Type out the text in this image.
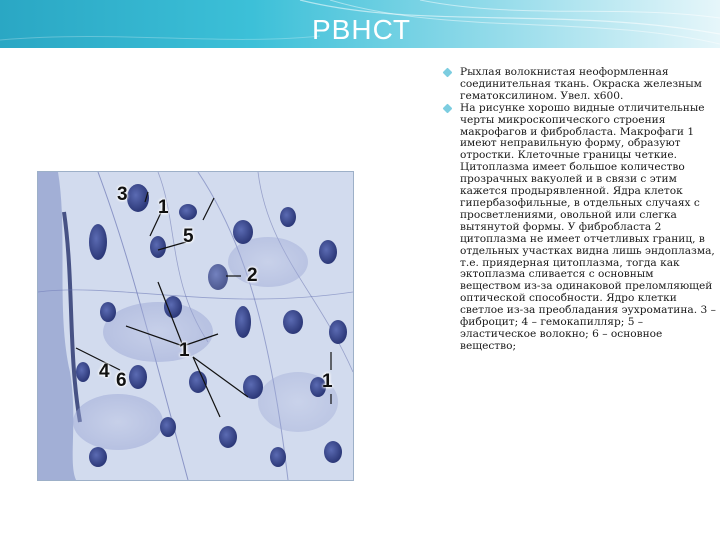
РВНСТ
3
1
5
2
1
4 6	1
Рыхлая волокнистая неоформленная соединительная ткань. Окраска железным гематоксилином. Увел. х600.
На рисунке хорошо видные отличительные черты микроскопического строения макрофагов и фибробласта. Макрофаги 1 имеют неправильную форму, образуют отростки. Клеточные границы четкие. Цитоплазма имеет большое количество прозрачных вакуолей и в связи с этим кажется продырявленной. Ядра клеток гипербазофильные, в отдельных случаях с просветлениями, овольной или слегка вытянутой формы. У фибробласта 2 цитоплазма не имеет отчетливых границ, в отдельных участках видна лишь эндоплазма, т.е. приядерная цитоплазма, тогда как эктоплазма сливается с основным веществом из-за одинаковой преломляющей оптической способности. Ядро клетки светлое из-за преобладания эухроматина. 3 – фиброцит; 4 – гемокапилляр; 5 – эластическое волокно; 6 – основное вещество;
